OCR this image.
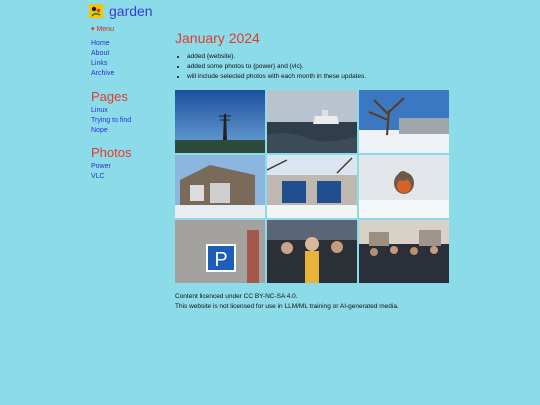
garden
▾ Menu
Home
About
Links
Archive
Pages
Linux
Trying to find
Nope
Photos
Power
VLC
January 2024
• added {website}.
• added some photos to {power} and {vlc}.
• will include selected photos with each month in these updates.
P
Content licenced under CC BY-NC-SA 4.0.
This website is not licensed for use in LLM/ML training or AI-generated media.
